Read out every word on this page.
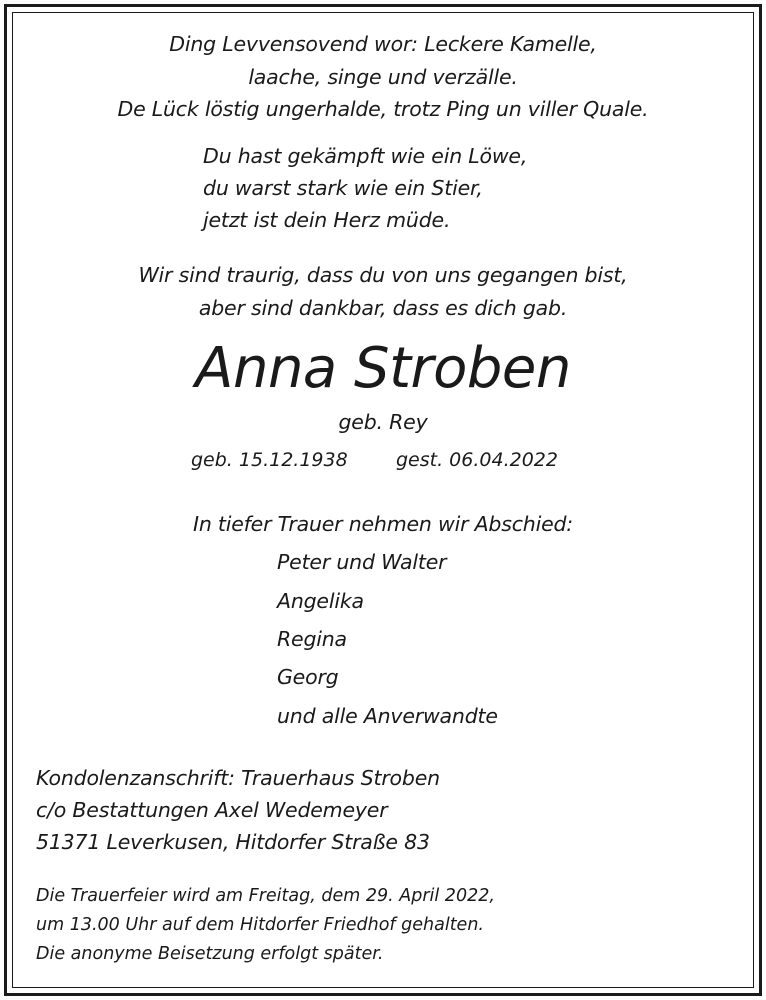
Ding Levvensovend wor: Leckere Kamelle,
laache, singe und verzälle.
De Lück löstig ungerhalde, trotz Ping un viller Quale.
Du hast gekämpft wie ein Löwe,
du warst stark wie ein Stier,
jetzt ist dein Herz müde.
Wir sind traurig, dass du von uns gegangen bist,
aber sind dankbar, dass es dich gab.
Anna Stroben
geb. Rey
geb. 15.12.1938	gest. 06.04.2022
In tiefer Trauer nehmen wir Abschied:
Peter und Walter
Angelika
Regina
Georg
und alle Anverwandte
Kondolenzanschrift: Trauerhaus Stroben
c/o Bestattungen Axel Wedemeyer
51371 Leverkusen, Hitdorfer Straße 83
Die Trauerfeier wird am Freitag, dem 29. April 2022,
um 13.00 Uhr auf dem Hitdorfer Friedhof gehalten.
Die anonyme Beisetzung erfolgt später.
